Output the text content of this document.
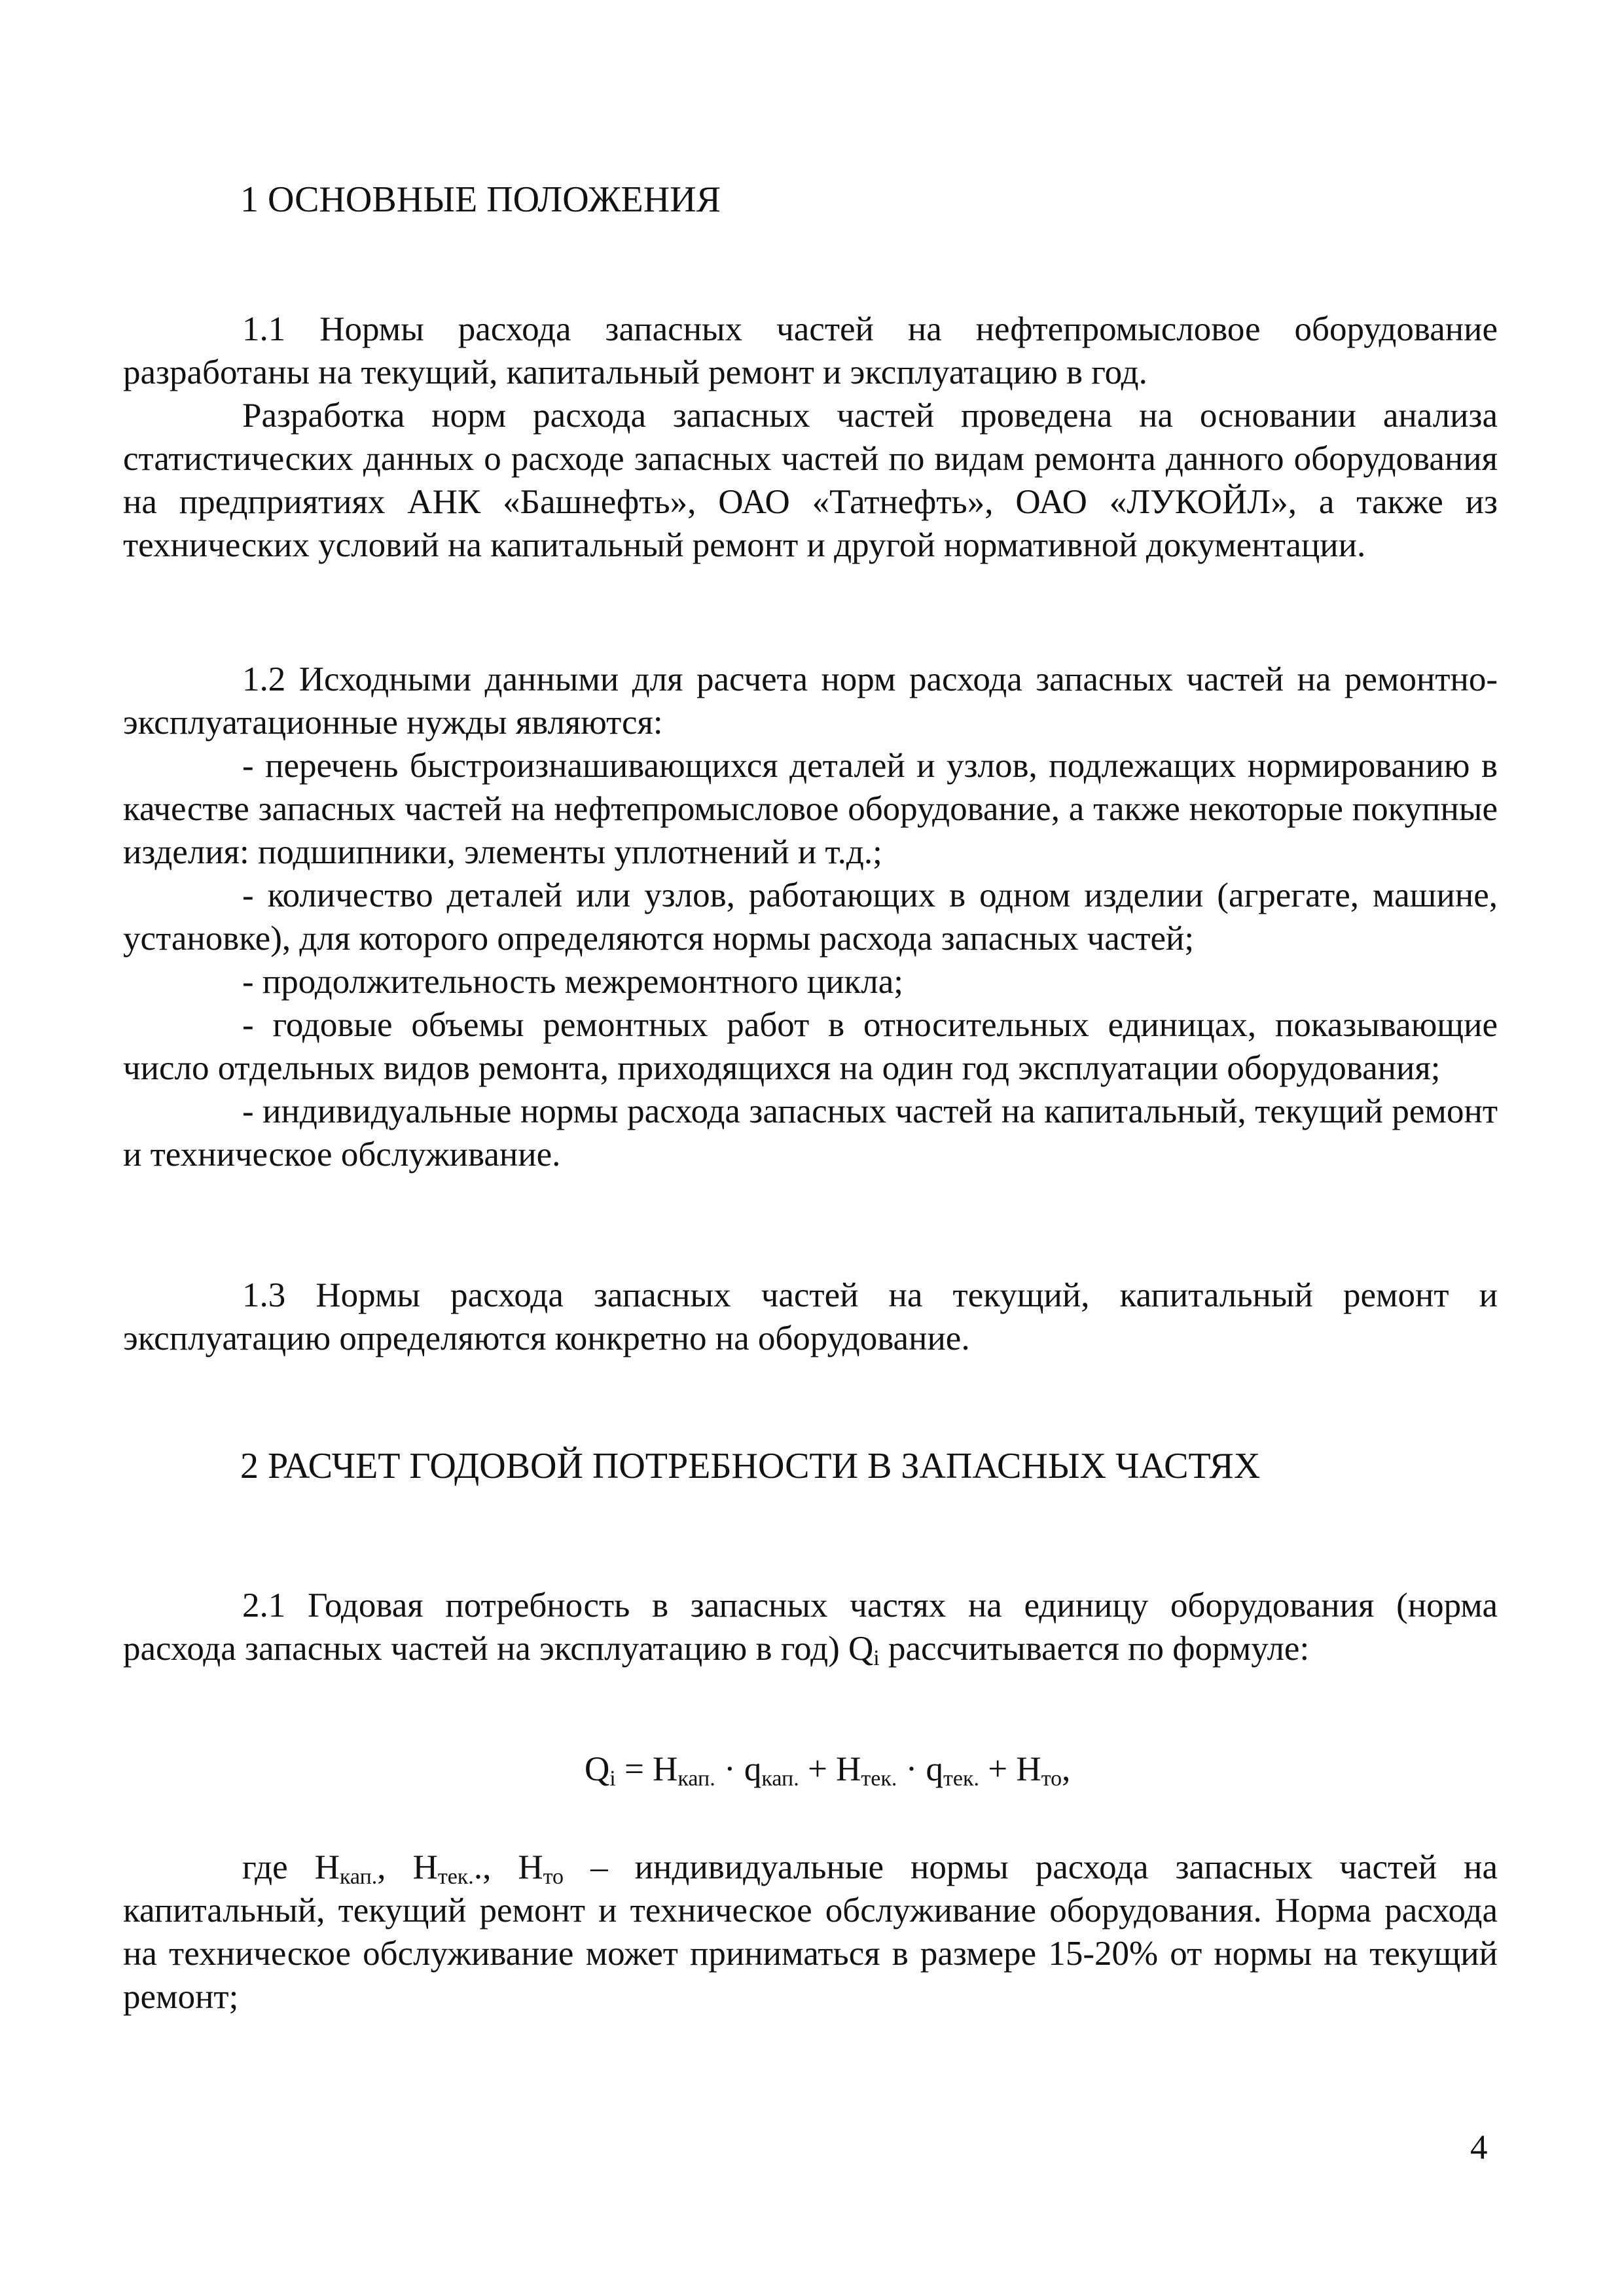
1 ОСНОВНЫЕ ПОЛОЖЕНИЯ

1.1 Нормы расхода запасных частей на нефтепромысловое оборудование разработаны на текущий, капитальный ремонт и эксплуатацию в год.

Разработка норм расхода запасных частей проведена на основании анализа статистических данных о расходе запасных частей по видам ремонта данного оборудования на предприятиях АНК «Башнефть», ОАО «Татнефть», ОАО «ЛУКОЙЛ», а также из технических условий на капитальный ремонт и другой нормативной документации.

1.2 Исходными данными для расчета норм расхода запасных частей на ремонтно-эксплуатационные нужды являются:

- перечень быстроизнашивающихся деталей и узлов, подлежащих нормированию в качестве запасных частей на нефтепромысловое оборудование, а также некоторые покупные изделия: подшипники, элементы уплотнений и т.д.;

- количество деталей или узлов, работающих в одном изделии (агрегате, машине, установке), для которого определяются нормы расхода запасных частей;

- продолжительность межремонтного цикла;

- годовые объемы ремонтных работ в относительных единицах, показывающие число отдельных видов ремонта, приходящихся на один год эксплуатации оборудования;

- индивидуальные нормы расхода запасных частей на капитальный, текущий ремонт и техническое обслуживание.

1.3 Нормы расхода запасных частей на текущий, капитальный ремонт и эксплуатацию определяются конкретно на оборудование.

2 РАСЧЕТ ГОДОВОЙ ПОТРЕБНОСТИ В ЗАПАСНЫХ ЧАСТЯХ

2.1 Годовая потребность в запасных частях на единицу оборудования (норма расхода запасных частей на эксплуатацию в год) $Q_i$ рассчитывается по формуле:

$Q_i = H_{кап.} \cdot q_{кап.} + H_{тек.} \cdot q_{тек.} + H_{то}$,

где $H_{кап.}$, $H_{тек.}$., $H_{то}$ – индивидуальные нормы расхода запасных частей на капитальный, текущий ремонт и техническое обслуживание оборудования. Норма расхода на техническое обслуживание может приниматься в размере 15-20% от нормы на текущий ремонт;

4
